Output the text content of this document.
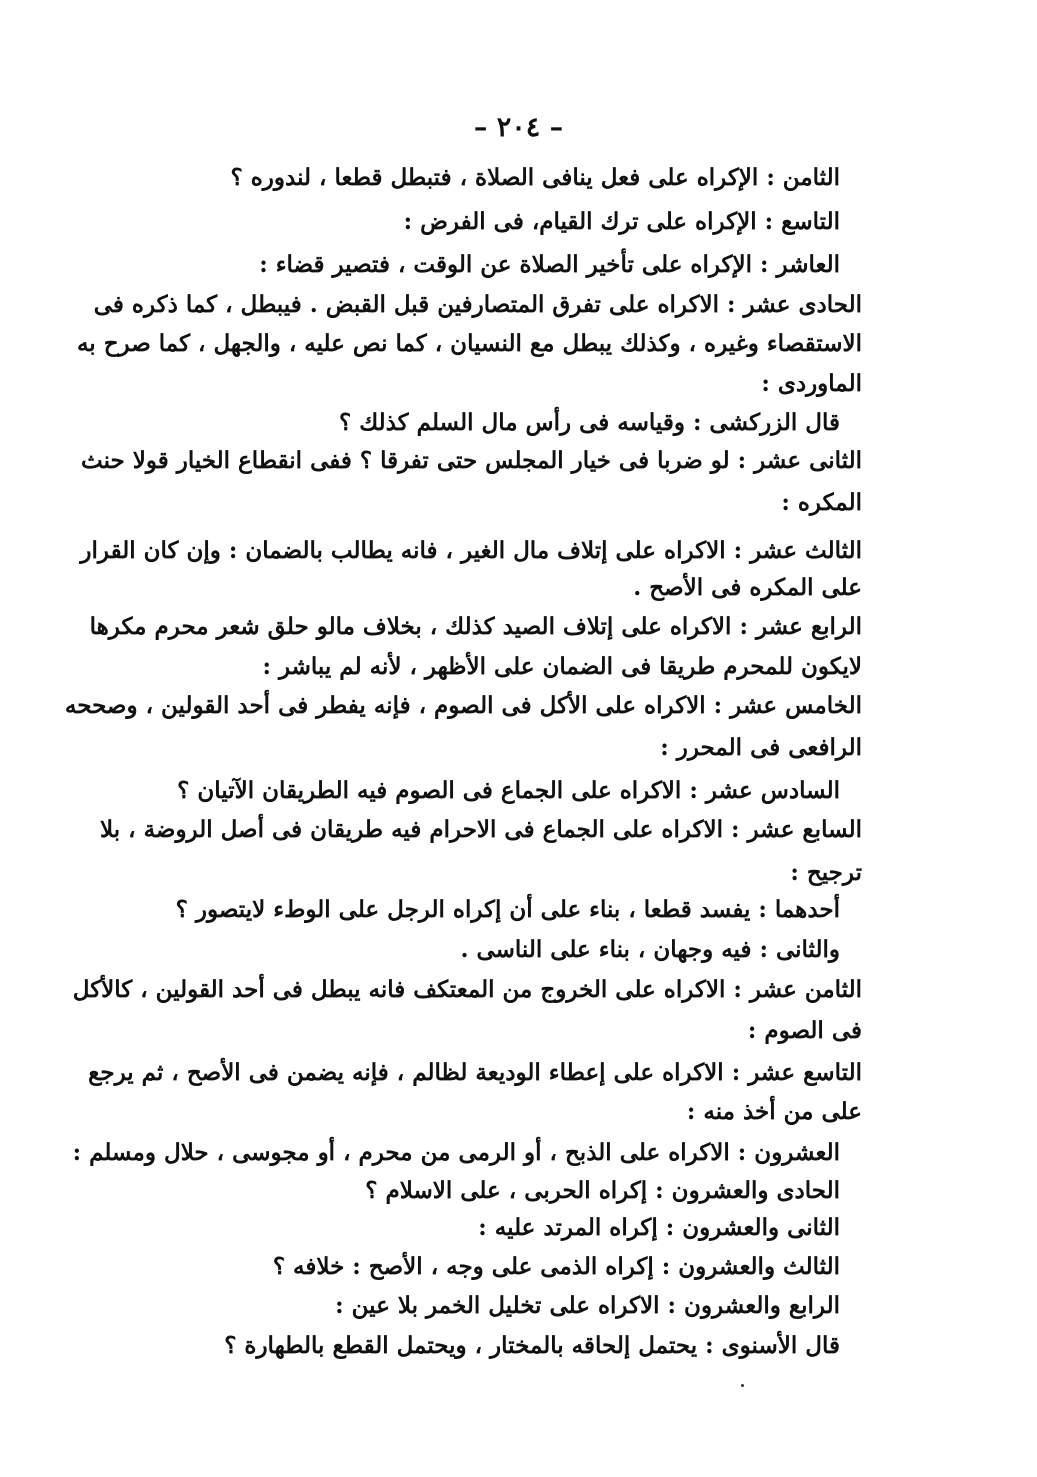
– ٢٠٤ –
الثامن : الإكراه على فعل ينافى الصلاة ، فتبطل قطعا ، لندوره ؟
التاسع : الإكراه على ترك القيام، فى الفرض :
العاشر : الإكراه على تأخير الصلاة عن الوقت ، فتصير قضاء :
الحادى عشر : الاكراه على تفرق المتصارفين قبل القبض . فيبطل ، كما ذكره فى
الاستقصاء وغيره ، وكذلك يبطل مع النسيان ، كما نص عليه ، والجهل ، كما صرح به
الماوردى :
قال الزركشى : وقياسه فى رأس مال السلم كذلك ؟
الثانى عشر : لو ضربا فى خيار المجلس حتى تفرقا ؟ ففى انقطاع الخيار قولا حنث
المكره :
الثالث عشر : الاكراه على إتلاف مال الغير ، فانه يطالب بالضمان : وإن كان القرار
على المكره فى الأصح .
الرابع عشر : الاكراه على إتلاف الصيد كذلك ، بخلاف مالو حلق شعر محرم مكرها
لايكون للمحرم طريقا فى الضمان على الأظهر ، لأنه لم يباشر :
الخامس عشر : الاكراه على الأكل فى الصوم ، فإنه يفطر فى أحد القولين ، وصححه
الرافعى فى المحرر :
السادس عشر : الاكراه على الجماع فى الصوم فيه الطريقان الآتيان ؟
السابع عشر : الاكراه على الجماع فى الاحرام فيه طريقان فى أصل الروضة ، بلا
ترجيح :
أحدهما : يفسد قطعا ، بناء على أن إكراه الرجل على الوطء لايتصور ؟
والثانى : فيه وجهان ، بناء على الناسى .
الثامن عشر : الاكراه على الخروج من المعتكف فانه يبطل فى أحد القولين ، كالأكل
فى الصوم :
التاسع عشر : الاكراه على إعطاء الوديعة لظالم ، فإنه يضمن فى الأصح ، ثم يرجع
على من أخذ منه :
العشرون : الاكراه على الذبح ، أو الرمى من محرم ، أو مجوسى ، حلال ومسلم :
الحادى والعشرون : إكراه الحربى ، على الاسلام ؟
الثانى والعشرون : إكراه المرتد عليه :
الثالث والعشرون : إكراه الذمى على وجه ، الأصح : خلافه ؟
الرابع والعشرون : الاكراه على تخليل الخمر بلا عين :
قال الأسنوى : يحتمل إلحاقه بالمختار ، ويحتمل القطع بالطهارة ؟
